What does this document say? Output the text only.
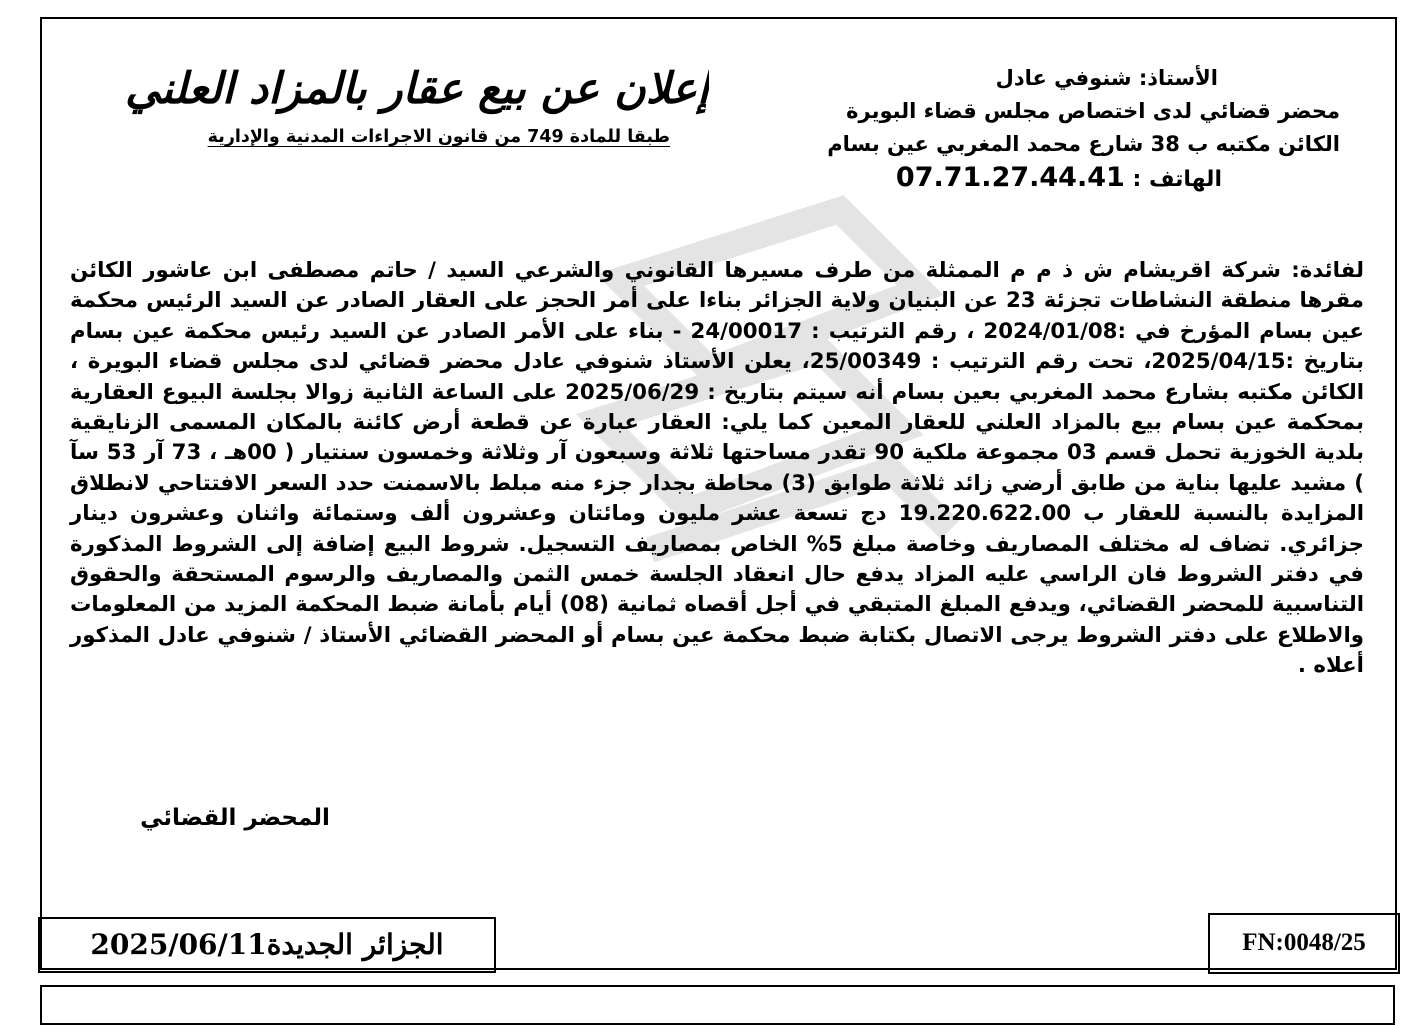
إعلان عن بيع عقار بالمزاد العلني
طبقا للمادة 749 من قانون الاجراءات المدنية والإدارية
الأستاذ: شنوفي عادل
محضر قضائي لدى اختصاص مجلس قضاء البويرة
الكائن مكتبه ب 38 شارع محمد المغربي عين بسام
الهاتف : 07.71.27.44.41
لفائدة: شركة اقريشام ش ذ م م الممثلة من طرف مسيرها القانوني والشرعي السيد / حاتم مصطفى ابن عاشور الكائن مقرها منطقة النشاطات تجزئة 23 عن البنيان ولاية الجزائر بناءا على أمر الحجز على العقار الصادر عن السيد الرئيس محكمة عين بسام المؤرخ في :2024/01/08 ، رقم الترتيب : 24/00017 - بناء على الأمر الصادر عن السيد رئيس محكمة عين بسام بتاريخ :2025/04/15، تحت رقم الترتيب : 25/00349، يعلن الأستاذ شنوفي عادل محضر قضائي لدى مجلس قضاء البويرة ، الكائن مكتبه بشارع محمد المغربي بعين بسام أنه سيتم بتاريخ : 2025/06/29 على الساعة الثانية زوالا بجلسة البيوع العقارية بمحكمة عين بسام بيع بالمزاد العلني للعقار المعين كما يلي: العقار عبارة عن قطعة أرض كائنة بالمكان المسمى الزنايقية بلدية الخوزية تحمل قسم 03 مجموعة ملكية 90 تقدر مساحتها ثلاثة وسبعون آر وثلاثة وخمسون سنتيار ( 00هـ ، 73 آر 53 سآ ) مشيد عليها بناية من طابق أرضي زائد ثلاثة طوابق (3) محاطة بجدار جزء منه مبلط بالاسمنت حدد السعر الافتتاحي لانطلاق المزايدة بالنسبة للعقار ب 19.220.622.00 دج تسعة عشر مليون ومائتان وعشرون ألف وستمائة واثنان وعشرون دينار جزائري. تضاف له مختلف المصاريف وخاصة مبلغ 5% الخاص بمصاريف التسجيل. شروط البيع إضافة إلى الشروط المذكورة في دفتر الشروط فان الراسي عليه المزاد يدفع حال انعقاد الجلسة خمس الثمن والمصاريف والرسوم المستحقة والحقوق التناسبية للمحضر القضائي، ويدفع المبلغ المتبقي في أجل أقصاه ثمانية (08) أيام بأمانة ضبط المحكمة المزيد من المعلومات والاطلاع على دفتر الشروط يرجى الاتصال بكتابة ضبط محكمة عين بسام أو المحضر القضائي الأستاذ / شنوفي عادل المذكور أعلاه .
المحضر القضائي
الجزائر الجديدة2025/06/11	FN:0048/25
